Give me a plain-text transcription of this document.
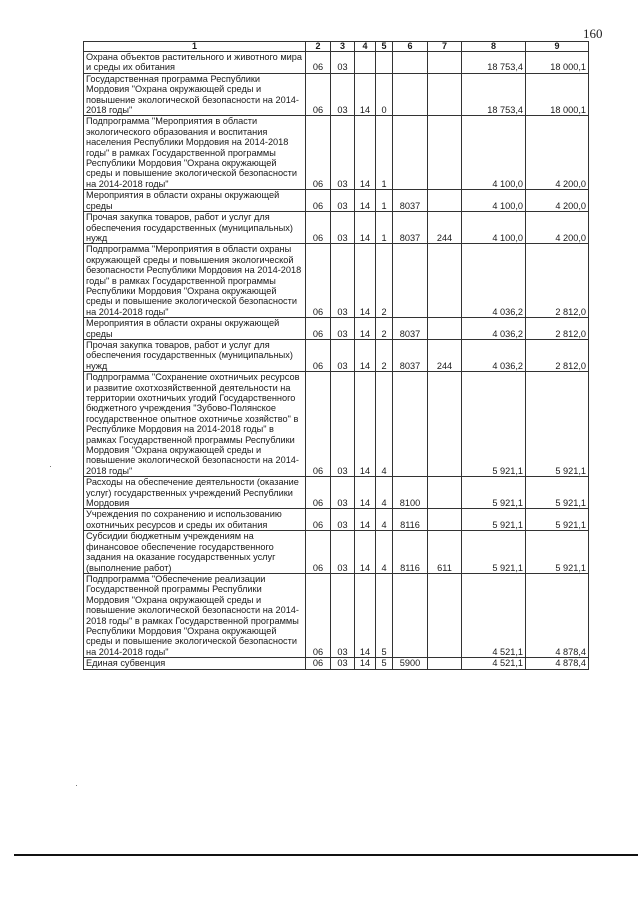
160
1	2	3	4	5	6	7	8	9
Охрана объектов растительного и животного мира и среды их обитания	06	03					18 753,4	18 000,1
Государственная программа Республики Мордовия "Охрана окружающей среды и повышение экологической безопасности на 2014-2018 годы"	06	03	14	0			18 753,4	18 000,1
Подпрограмма "Мероприятия в области экологического образования и воспитания населения Республики Мордовия на 2014-2018 годы" в рамках Государственной программы Республики Мордовия "Охрана окружающей среды и повышение экологической безопасности на 2014-2018 годы"	06	03	14	1			4 100,0	4 200,0
Мероприятия в области охраны окружающей среды	06	03	14	1	8037		4 100,0	4 200,0
Прочая закупка товаров, работ и услуг для обеспечения государственных (муниципальных) нужд	06	03	14	1	8037	244	4 100,0	4 200,0
Подпрограмма "Мероприятия в области охраны окружающей среды и повышения экологической безопасности Республики Мордовия на 2014-2018 годы" в рамках Государственной программы Республики Мордовия "Охрана окружающей среды и повышение экологической безопасности на 2014-2018 годы"	06	03	14	2			4 036,2	2 812,0
Мероприятия в области охраны окружающей среды	06	03	14	2	8037		4 036,2	2 812,0
Прочая закупка товаров, работ и услуг для обеспечения государственных (муниципальных) нужд	06	03	14	2	8037	244	4 036,2	2 812,0
Подпрограмма "Сохранение охотничьих ресурсов и развитие охотхозяйственной деятельности на территории охотничьих угодий Государственного бюджетного учреждения "Зубово-Полянское государственное опытное охотничье хозяйство" в Республике Мордовия на 2014-2018 годы" в рамках Государственной программы Республики Мордовия "Охрана окружающей среды и повышение экологической безопасности на 2014-2018 годы"	06	03	14	4			5 921,1	5 921,1
Расходы на обеспечение деятельности (оказание услуг) государственных учреждений Республики Мордовия	06	03	14	4	8100		5 921,1	5 921,1
Учреждения по сохранению и использованию охотничьих ресурсов и среды их обитания	06	03	14	4	8116		5 921,1	5 921,1
Субсидии бюджетным учреждениям на финансовое обеспечение государственного задания на оказание государственных услуг (выполнение работ)	06	03	14	4	8116	611	5 921,1	5 921,1
Подпрограмма "Обеспечение реализации Государственной программы Республики Мордовия "Охрана окружающей среды и повышение экологической безопасности на 2014-2018 годы" в рамках Государственной программы Республики Мордовия "Охрана окружающей среды и повышение экологической безопасности на 2014-2018 годы"	06	03	14	5			4 521,1	4 878,4
Единая субвенция	06	03	14	5	5900		4 521,1	4 878,4
